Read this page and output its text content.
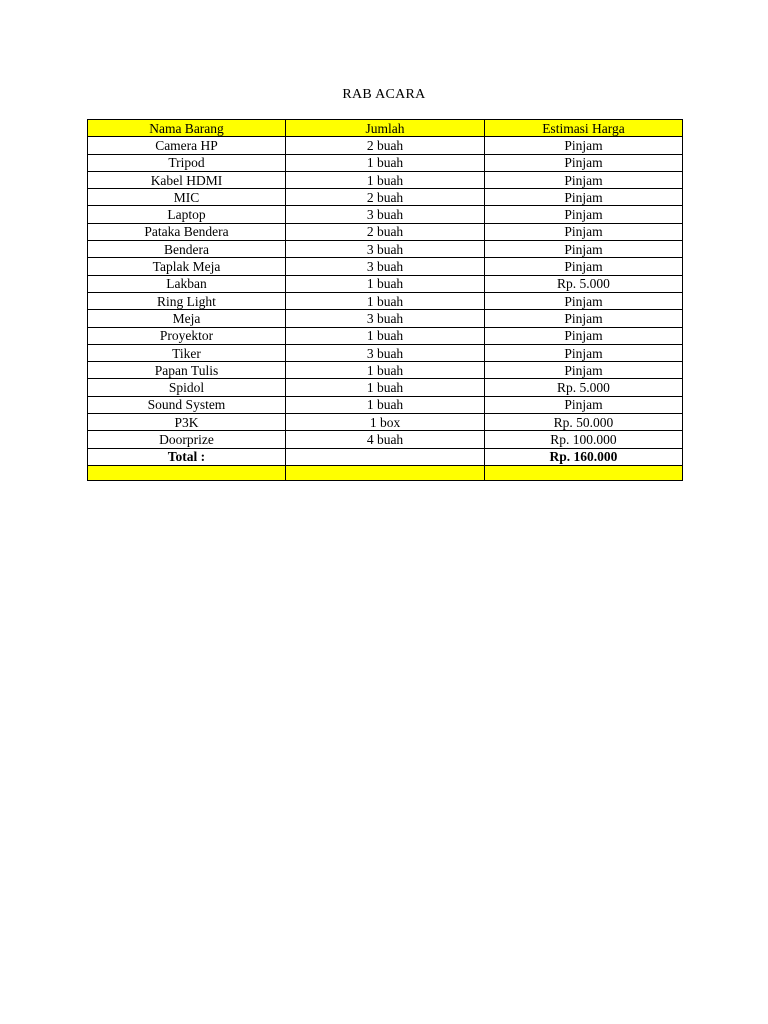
RAB ACARA
Nama Barang	Jumlah	Estimasi Harga
Camera HP	2 buah	Pinjam
Tripod	1 buah	Pinjam
Kabel HDMI	1 buah	Pinjam
MIC	2 buah	Pinjam
Laptop	3 buah	Pinjam
Pataka Bendera	2 buah	Pinjam
Bendera	3 buah	Pinjam
Taplak Meja	3 buah	Pinjam
Lakban	1 buah	Rp. 5.000
Ring Light	1 buah	Pinjam
Meja	3 buah	Pinjam
Proyektor	1 buah	Pinjam
Tiker	3 buah	Pinjam
Papan Tulis	1 buah	Pinjam
Spidol	1 buah	Rp. 5.000
Sound System	1 buah	Pinjam
P3K	1 box	Rp. 50.000
Doorprize	4 buah	Rp. 100.000
Total :		Rp. 160.000
